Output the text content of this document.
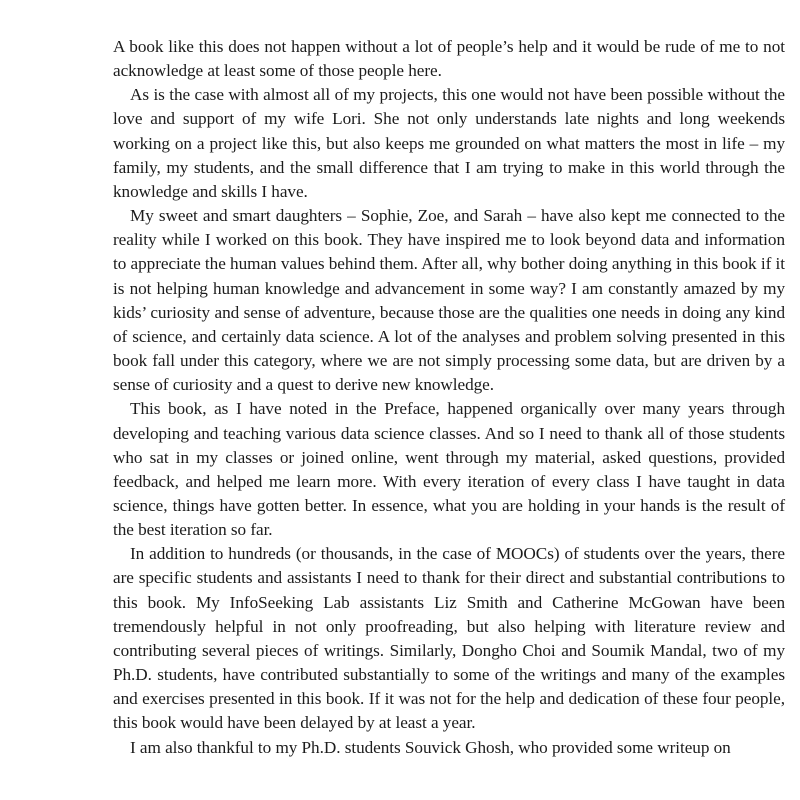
A book like this does not happen without a lot of people’s help and it would be rude of me to not acknowledge at least some of those people here.

As is the case with almost all of my projects, this one would not have been possible without the love and support of my wife Lori. She not only understands late nights and long weekends working on a project like this, but also keeps me grounded on what matters the most in life – my family, my students, and the small difference that I am trying to make in this world through the knowledge and skills I have.

My sweet and smart daughters – Sophie, Zoe, and Sarah – have also kept me connected to the reality while I worked on this book. They have inspired me to look beyond data and information to appreciate the human values behind them. After all, why bother doing anything in this book if it is not helping human knowledge and advancement in some way? I am constantly amazed by my kids’ curiosity and sense of adventure, because those are the qualities one needs in doing any kind of science, and certainly data science. A lot of the analyses and problem solving presented in this book fall under this category, where we are not simply processing some data, but are driven by a sense of curiosity and a quest to derive new knowledge.

This book, as I have noted in the Preface, happened organically over many years through developing and teaching various data science classes. And so I need to thank all of those students who sat in my classes or joined online, went through my material, asked questions, provided feedback, and helped me learn more. With every iteration of every class I have taught in data science, things have gotten better. In essence, what you are holding in your hands is the result of the best iteration so far.

In addition to hundreds (or thousands, in the case of MOOCs) of students over the years, there are specific students and assistants I need to thank for their direct and substantial contributions to this book. My InfoSeeking Lab assistants Liz Smith and Catherine McGowan have been tremendously helpful in not only proofreading, but also helping with literature review and contributing several pieces of writings. Similarly, Dongho Choi and Soumik Mandal, two of my Ph.D. students, have contributed substantially to some of the writings and many of the examples and exercises presented in this book. If it was not for the help and dedication of these four people, this book would have been delayed by at least a year.

I am also thankful to my Ph.D. students Souvick Ghosh, who provided some writeup on
